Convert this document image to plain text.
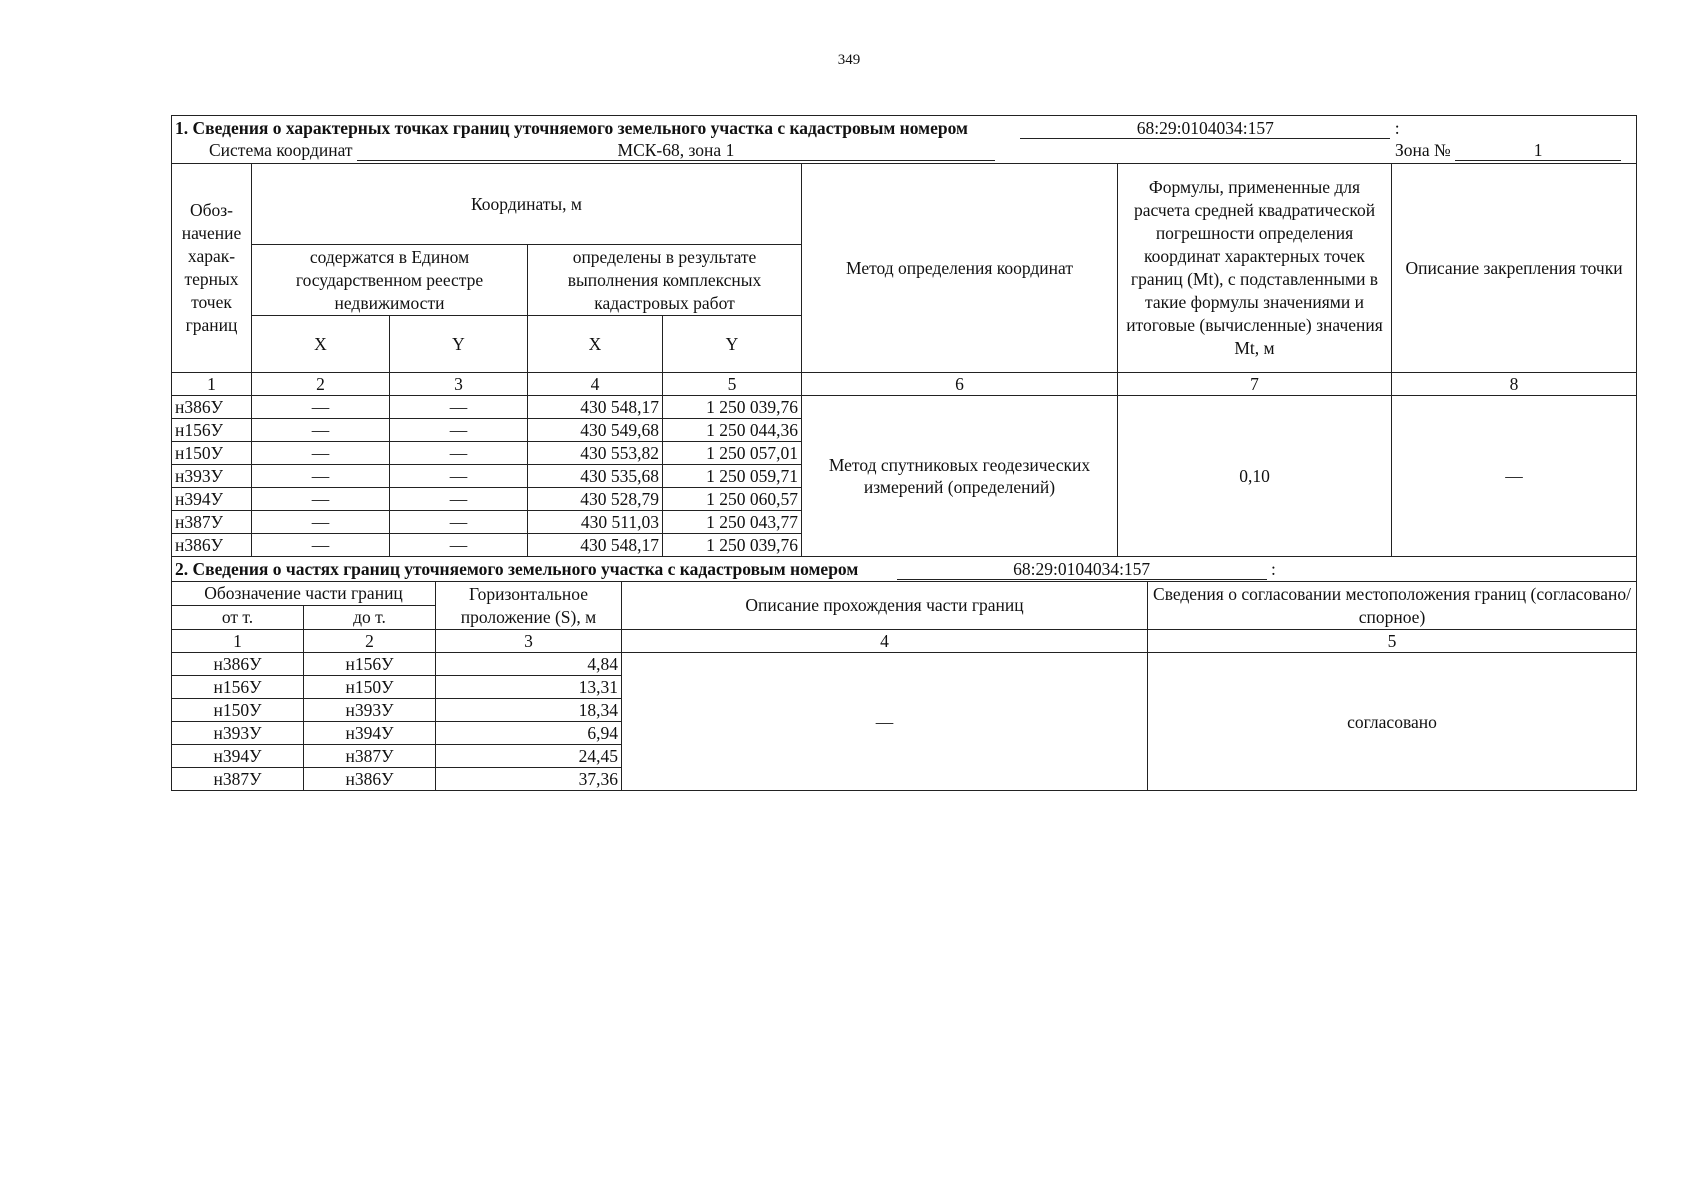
349
1. Сведения о характерных точках границ уточняемого земельного участка с кадастровым номером 68:29:0104034:157 :							
Система координат МСК-68, зона 1 Зона № 1							

Обоз-начение харак-терных точек границ	Координаты, м				Метод определения координат	Формулы, примененные для расчета средней квадратической погрешности определения координат характерных точек границ (Mt), с подставленными в такие формулы значениями и итоговые (вычисленные) значения Mt, м	Описание закрепления точки
	содержатся в Едином государственном реестре недвижимости		определены в результате выполнения комплексных кадастровых работ				
	X	Y	X	Y			
1	2	3	4	5	6	7	8
н386У	—	—	430 548,17	1 250 039,76	Метод спутниковых геодезических измерений (определений)	0,10	—
н156У	—	—	430 549,68	1 250 044,36			
н150У	—	—	430 553,82	1 250 057,01			
н393У	—	—	430 535,68	1 250 059,71			
н394У	—	—	430 528,79	1 250 060,57			
н387У	—	—	430 511,03	1 250 043,77			
н386У	—	—	430 548,17	1 250 039,76			
2. Сведения о частях границ уточняемого земельного участка с кадастровым номером 68:29:0104034:157 :				
Обозначение части границ		Горизонтальное проложение (S), м	Описание прохождения части границ	Сведения о согласовании местоположения границ (согласовано/спорное)
от т.	до т.			
1	2	3	4	5
н386У	н156У	4,84	—	согласовано
н156У	н150У	13,31		
н150У	н393У	18,34		
н393У	н394У	6,94		
н394У	н387У	24,45		
н387У	н386У	37,36		
